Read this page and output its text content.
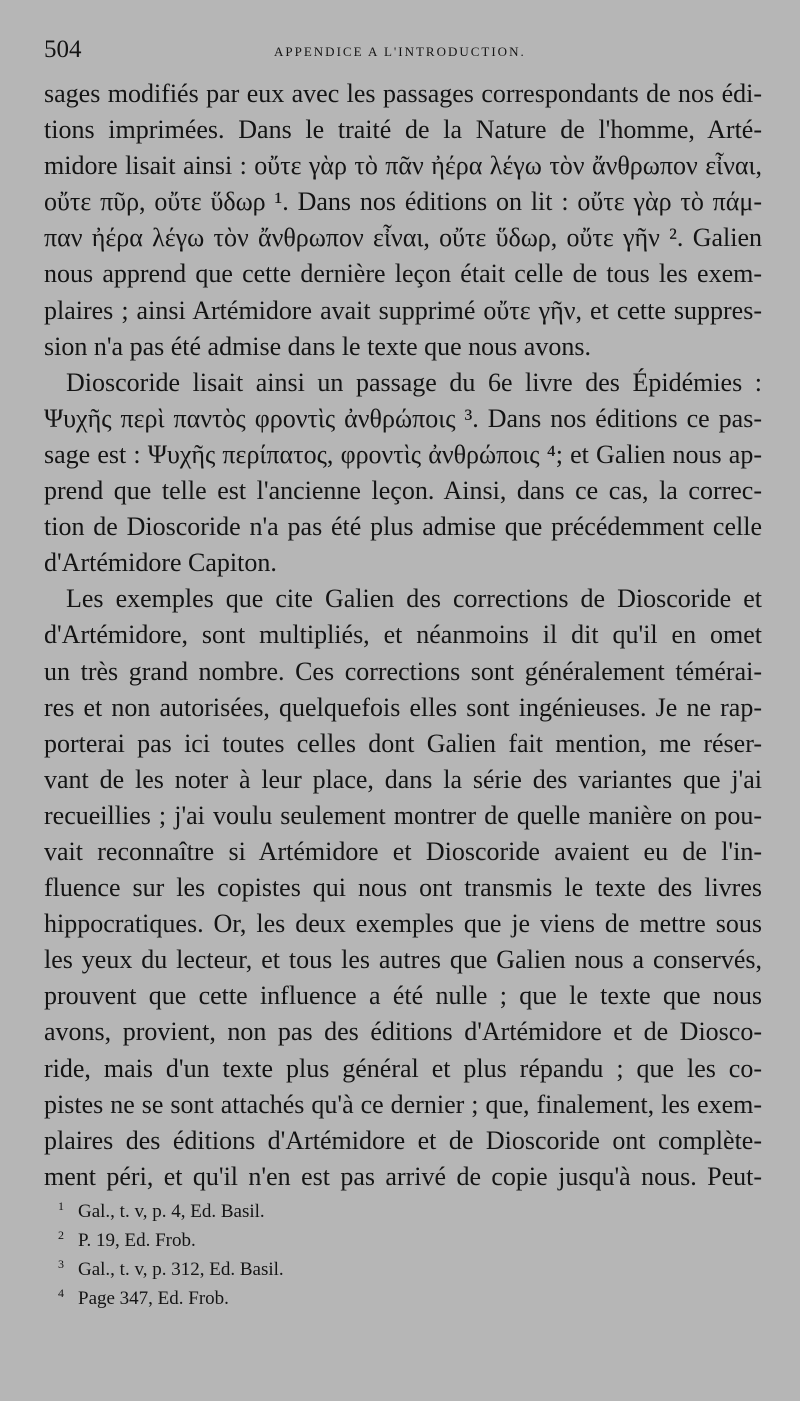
504	APPENDICE A L'INTRODUCTION.
sages modifiés par eux avec les passages correspondants de nos édi-
tions imprimées. Dans le traité de la Nature de l'homme, Arté-
midore lisait ainsi : οὔτε γὰρ τὸ πᾶν ἠέρα λέγω τὸν ἄνθρωπον εἶναι,
οὔτε πῦρ, οὔτε ὕδωρ ¹. Dans nos éditions on lit : οὔτε γὰρ τὸ πάμ-
παν ἠέρα λέγω τὸν ἄνθρωπον εἶναι, οὔτε ὕδωρ, οὔτε γῆν ². Galien
nous apprend que cette dernière leçon était celle de tous les exem-
plaires ; ainsi Artémidore avait supprimé οὔτε γῆν, et cette suppres-
sion n'a pas été admise dans le texte que nous avons.
Dioscoride lisait ainsi un passage du 6e livre des Épidémies :
Ψυχῆς περὶ παντὸς φροντὶς ἀνθρώποις ³. Dans nos éditions ce pas-
sage est : Ψυχῆς περίπατος, φροντὶς ἀνθρώποις ⁴; et Galien nous ap-
prend que telle est l'ancienne leçon. Ainsi, dans ce cas, la correc-
tion de Dioscoride n'a pas été plus admise que précédemment celle
d'Artémidore Capiton.
Les exemples que cite Galien des corrections de Dioscoride et
d'Artémidore, sont multipliés, et néanmoins il dit qu'il en omet
un très grand nombre. Ces corrections sont généralement témérai-
res et non autorisées, quelquefois elles sont ingénieuses. Je ne rap-
porterai pas ici toutes celles dont Galien fait mention, me réser-
vant de les noter à leur place, dans la série des variantes que j'ai
recueillies ; j'ai voulu seulement montrer de quelle manière on pou-
vait reconnaître si Artémidore et Dioscoride avaient eu de l'in-
fluence sur les copistes qui nous ont transmis le texte des livres
hippocratiques. Or, les deux exemples que je viens de mettre sous
les yeux du lecteur, et tous les autres que Galien nous a conservés,
prouvent que cette influence a été nulle ; que le texte que nous
avons, provient, non pas des éditions d'Artémidore et de Diosco-
ride, mais d'un texte plus général et plus répandu ; que les co-
pistes ne se sont attachés qu'à ce dernier ; que, finalement, les exem-
plaires des éditions d'Artémidore et de Dioscoride ont complète-
ment péri, et qu'il n'en est pas arrivé de copie jusqu'à nous. Peut-
1 Gal., t. v, p. 4, Ed. Basil.
2 P. 19, Ed. Frob.
3 Gal., t. v, p. 312, Ed. Basil.
4 Page 347, Ed. Frob.
